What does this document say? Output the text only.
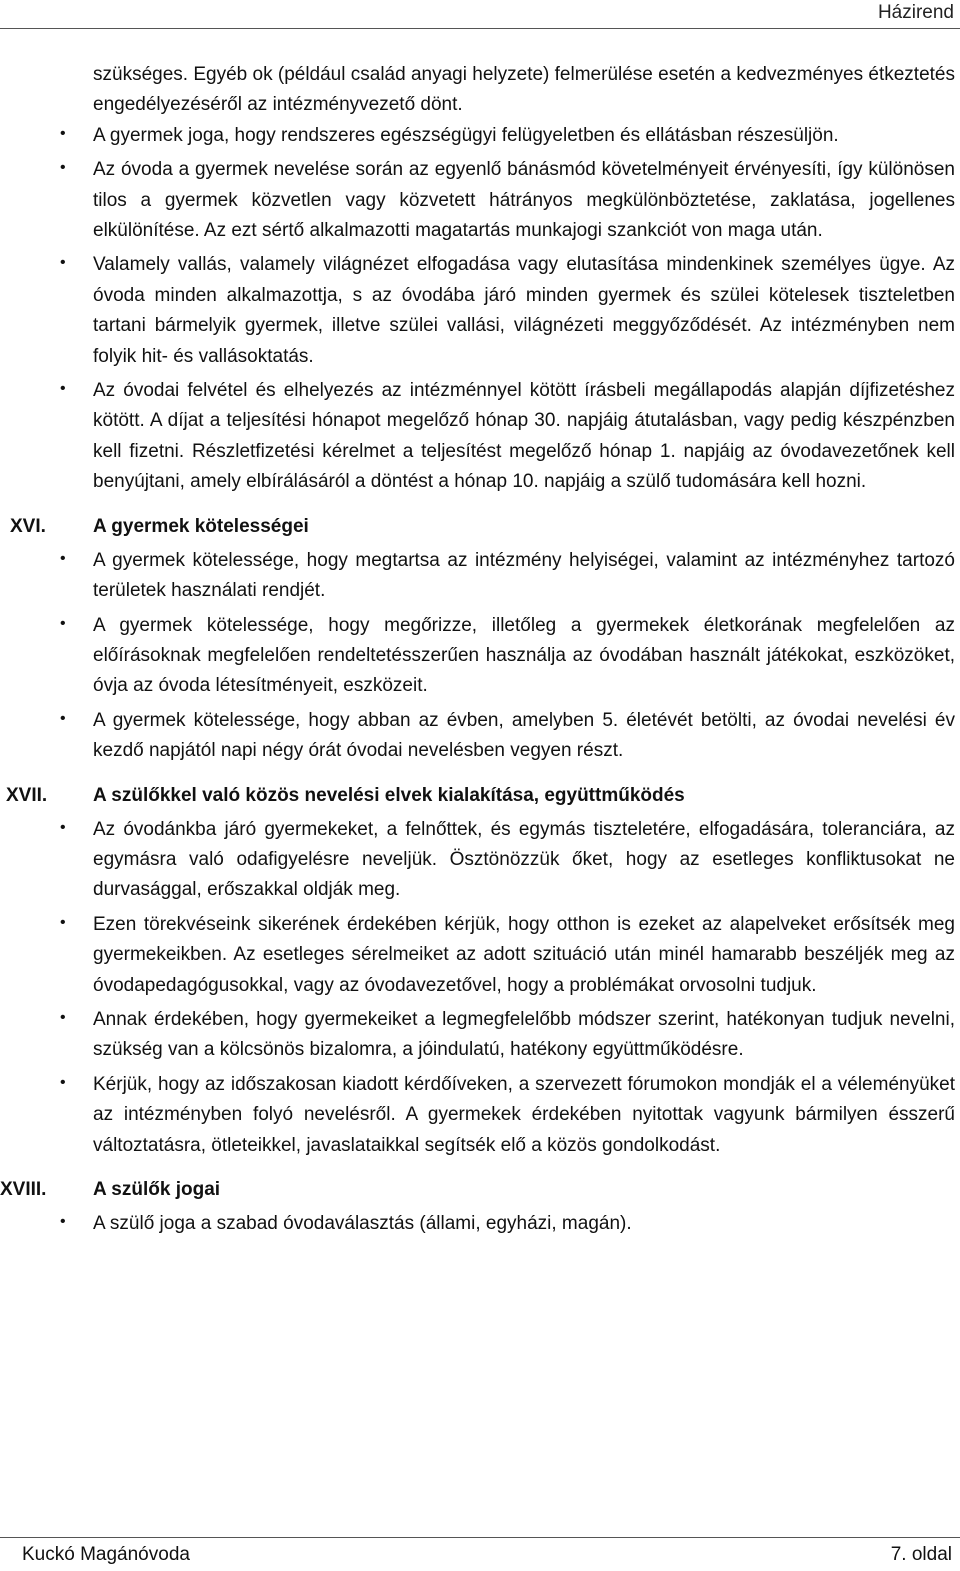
Házirend

szükséges. Egyéb ok (például család anyagi helyzete) felmerülése esetén a kedvezményes étkeztetés engedélyezéséről az intézményvezető dönt.

• A gyermek joga, hogy rendszeres egészségügyi felügyeletben és ellátásban részesüljön.
• Az óvoda a gyermek nevelése során az egyenlő bánásmód követelményeit érvényesíti, így különösen tilos a gyermek közvetlen vagy közvetett hátrányos megkülönböztetése, zaklatása, jogellenes elkülönítése. Az ezt sértő alkalmazotti magatartás munkajogi szankciót von maga után.
• Valamely vallás, valamely világnézet elfogadása vagy elutasítása mindenkinek személyes ügye. Az óvoda minden alkalmazottja, s az óvodába járó minden gyermek és szülei kötelesek tiszteletben tartani bármelyik gyermek, illetve szülei vallási, világnézeti meggyőződését. Az intézményben nem folyik hit- és vallásoktatás.
• Az óvodai felvétel és elhelyezés az intézménnyel kötött írásbeli megállapodás alapján díjfizetéshez kötött. A díjat a teljesítési hónapot megelőző hónap 30. napjáig átutalásban, vagy pedig készpénzben kell fizetni. Részletfizetési kérelmet a teljesítést megelőző hónap 1. napjáig az óvodavezetőnek kell benyújtani, amely elbírálásáról a döntést a hónap 10. napjáig a szülő tudomására kell hozni.
XVI. A gyermek kötelességei
• A gyermek kötelessége, hogy megtartsa az intézmény helyiségei, valamint az intézményhez tartozó területek használati rendjét.
• A gyermek kötelessége, hogy megőrizze, illetőleg a gyermekek életkorának megfelelően az előírásoknak megfelelően rendeltetésszerűen használja az óvodában használt játékokat, eszközöket, óvja az óvoda létesítményeit, eszközeit.
• A gyermek kötelessége, hogy abban az évben, amelyben 5. életévét betölti, az óvodai nevelési év kezdő napjától napi négy órát óvodai nevelésben vegyen részt.
XVII. A szülőkkel való közös nevelési elvek kialakítása, együttműködés
• Az óvodánkba járó gyermekeket, a felnőttek, és egymás tiszteletére, elfogadására, toleranciára, az egymásra való odafigyelésre neveljük. Ösztönözzük őket, hogy az esetleges konfliktusokat ne durvasággal, erőszakkal oldják meg.
• Ezen törekvéseink sikerének érdekében kérjük, hogy otthon is ezeket az alapelveket erősítsék meg gyermekeikben. Az esetleges sérelmeiket az adott szituáció után minél hamarabb beszéljék meg az óvodapedagógusokkal, vagy az óvodavezetővel, hogy a problémákat orvosolni tudjuk.
• Annak érdekében, hogy gyermekeiket a legmegfelelőbb módszer szerint, hatékonyan tudjuk nevelni, szükség van a kölcsönös bizalomra, a jóindulatú, hatékony együttműködésre.
• Kérjük, hogy az időszakosan kiadott kérdőíveken, a szervezett fórumokon mondják el a véleményüket az intézményben folyó nevelésről. A gyermekek érdekében nyitottak vagyunk bármilyen ésszerű változtatásra, ötleteikkel, javaslataikkal segítsék elő a közös gondolkodást.
XVIII. A szülők jogai
• A szülő joga a szabad óvodaválasztás (állami, egyházi, magán).
Kuckó Magánóvoda	7. oldal
